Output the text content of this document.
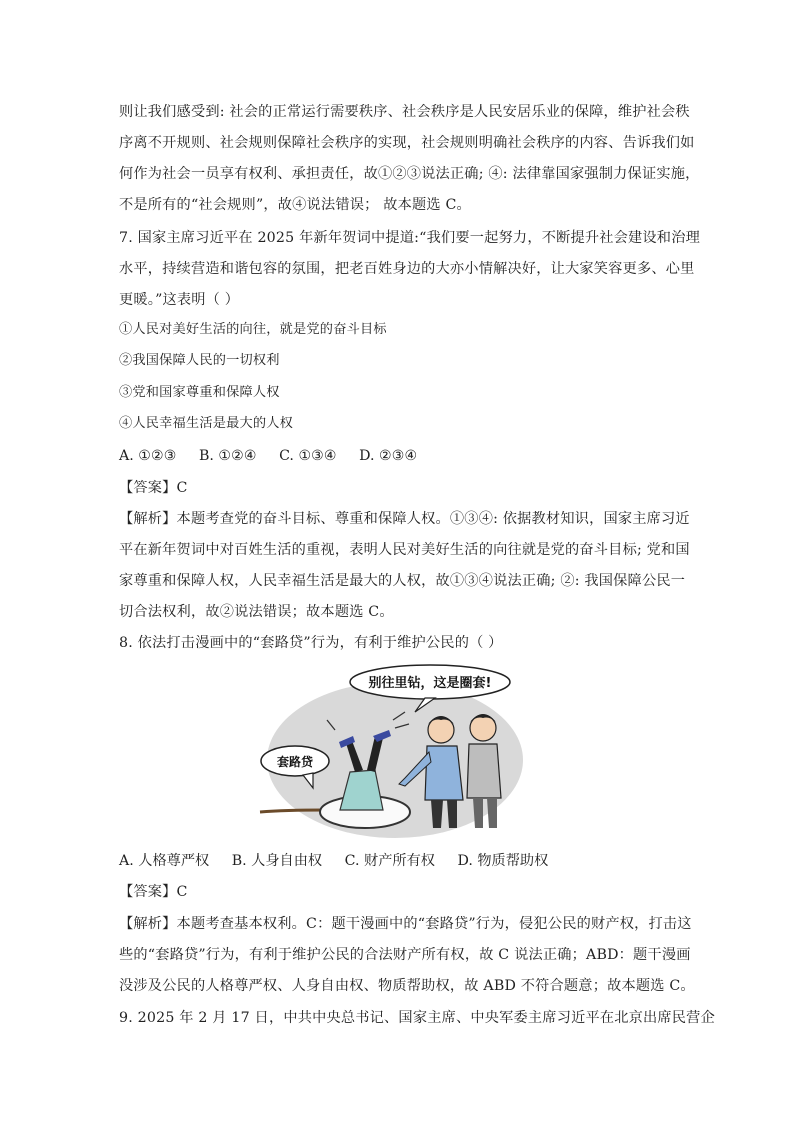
则让我们感受到: 社会的正常运行需要秩序、社会秩序是人民安居乐业的保障，维护社会秩
序离不开规则、社会规则保障社会秩序的实现，社会规则明确社会秩序的内容、告诉我们如
何作为社会一员享有权利、承担责任，故①②③说法正确; ④: 法律靠国家强制力保证实施，
不是所有的“社会规则”，故④说法错误； 故本题选 C。
7. 国家主席习近平在 2025 年新年贺词中提道:“我们要一起努力，不断提升社会建设和治理
水平，持续营造和谐包容的氛围，把老百姓身边的大亦小情解决好，让大家笑容更多、心里
更暖。”这表明（ ）
①人民对美好生活的向往，就是党的奋斗目标
②我国保障人民的一切权利
③党和国家尊重和保障人权
④人民幸福生活是最大的人权
A. ①②③ B. ①②④ C. ①③④ D. ②③④
【答案】C
【解析】本题考查党的奋斗目标、尊重和保障人权。①③④: 依据教材知识，国家主席习近
平在新年贺词中对百姓生活的重视，表明人民对美好生活的向往就是党的奋斗目标; 党和国
家尊重和保障人权，人民幸福生活是最大的人权，故①③④说法正确; ②: 我国保障公民一
切合法权利，故②说法错误；故本题选 C。
8. 依法打击漫画中的“套路贷”行为，有利于维护公民的（ ）
别往里钻，这是圈套!
套路贷
A. 人格尊严权 B. 人身自由权 C. 财产所有权 D. 物质帮助权
【答案】C
【解析】本题考查基本权利。C：题干漫画中的“套路贷”行为，侵犯公民的财产权，打击这
些的“套路贷”行为，有利于维护公民的合法财产所有权，故 C 说法正确；ABD：题干漫画
没涉及公民的人格尊严权、人身自由权、物质帮助权，故 ABD 不符合题意；故本题选 C。
9. 2025 年 2 月 17 日，中共中央总书记、国家主席、中央军委主席习近平在北京出席民营企
